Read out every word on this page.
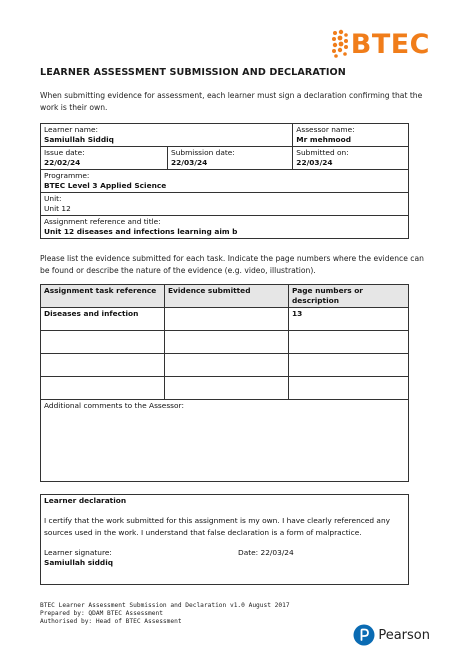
BTEC
LEARNER ASSESSMENT SUBMISSION AND DECLARATION
When submitting evidence for assessment, each learner must sign a declaration confirming that the work is their own.
Learner name:
Samiullah Siddiq		Assessor name:
Mr mehmood

Issue date:
22/02/24	Submission date:
22/03/24	Submitted on:
22/03/24

Programme:
BTEC Level 3 Applied Science		

Unit:
Unit 12		

Assignment reference and title:
Unit 12 diseases and infections learning aim b		
Please list the evidence submitted for each task. Indicate the page numbers where the evidence can be found or describe the nature of the evidence (e.g. video, illustration).
Assignment task reference	Evidence submitted	Page numbers or description
Diseases and infection		13

Additional comments to the Assessor:		
Learner declaration
I certify that the work submitted for this assignment is my own. I have clearly referenced any sources used in the work. I understand that false declaration is a form of malpractice.
Learner signature:
Samiullah siddiq
Date: 22/03/24
BTEC Learner Assessment Submission and Declaration v1.0 August 2017
Prepared by: QDAM BTEC Assessment
Authorised by: Head of BTEC Assessment
Pearson
